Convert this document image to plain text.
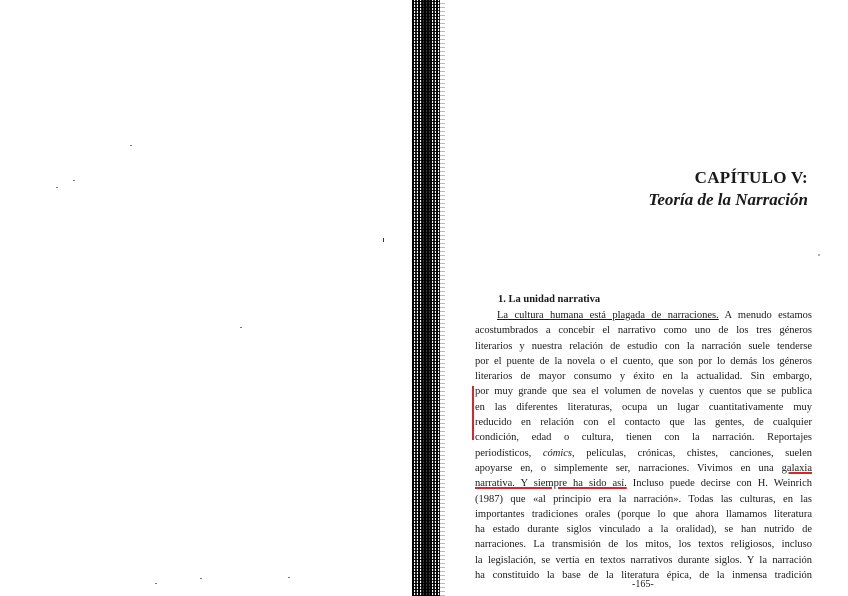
CAPÍTULO V:
Teoría de la Narración
1. La unidad narrativa
La cultura humana está plagada de narraciones. A menudo estamos
acostumbrados a concebir el narrativo como uno de los tres géneros
literarios y nuestra relación de estudio con la narración suele tenderse
por el puente de la novela o el cuento, que son por lo demás los géneros
literarios de mayor consumo y éxito en la actualidad. Sin embargo,
por muy grande que sea el volumen de novelas y cuentos que se publica
en las diferentes literaturas, ocupa un lugar cuantitativamente muy
reducido en relación con el contacto que las gentes, de cualquier
condición, edad o cultura, tienen con la narración. Reportajes
periodísticos, cómics, películas, crónicas, chistes, canciones, suelen
apoyarse en, o simplemente ser, narraciones. Vivimos en una galaxia
narrativa. Y siempre ha sido así. Incluso puede decirse con H. Weinrich
(1987) que «al principio era la narración». Todas las culturas, en las
importantes tradiciones orales (porque lo que ahora llamamos literatura
ha estado durante siglos vinculado a la oralidad), se han nutrido de
narraciones. La transmisión de los mitos, los textos religiosos, incluso
la legislación, se vertía en textos narrativos durante siglos. Y la narración
ha constituido la base de la literatura épica, de la inmensa tradición

-165-
